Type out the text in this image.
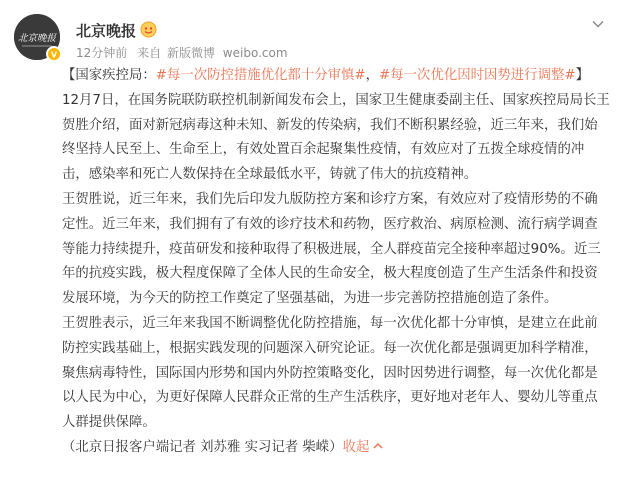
北京晚报
V
北京晚报
12分钟前 来自 新版微博 weibo.com

【国家疾控局：#每一次防控措施优化都十分审慎#，#每一次优化因时因势进行调整#】

12月7日，在国务院联防联控机制新闻发布会上，国家卫生健康委副主任、国家疾控局局长王贺胜介绍，面对新冠病毒这种未知、新发的传染病，我们不断积累经验，近三年来，我们始终坚持人民至上、生命至上，有效处置百余起聚集性疫情，有效应对了五拨全球疫情的冲击，感染率和死亡人数保持在全球最低水平，铸就了伟大的抗疫精神。

王贺胜说，近三年来，我们先后印发九版防控方案和诊疗方案，有效应对了疫情形势的不确定性。近三年来，我们拥有了有效的诊疗技术和药物，医疗救治、病原检测、流行病学调查等能力持续提升，疫苗研发和接种取得了积极进展，全人群疫苗完全接种率超过90%。近三年的抗疫实践，极大程度保障了全体人民的生命安全，极大程度创造了生产生活条件和投资发展环境，为今天的防控工作奠定了坚强基础，为进一步完善防控措施创造了条件。

王贺胜表示，近三年来我国不断调整优化防控措施，每一次优化都十分审慎，是建立在此前防控实践基础上，根据实践发现的问题深入研究论证。每一次优化都是强调更加科学精准，聚焦病毒特性，国际国内形势和国内外防控策略变化，因时因势进行调整，每一次优化都是以人民为中心，为更好保障人民群众正常的生产生活秩序，更好地对老年人、婴幼儿等重点人群提供保障。

（北京日报客户端记者 刘苏雅 实习记者 柴嵘）收起
